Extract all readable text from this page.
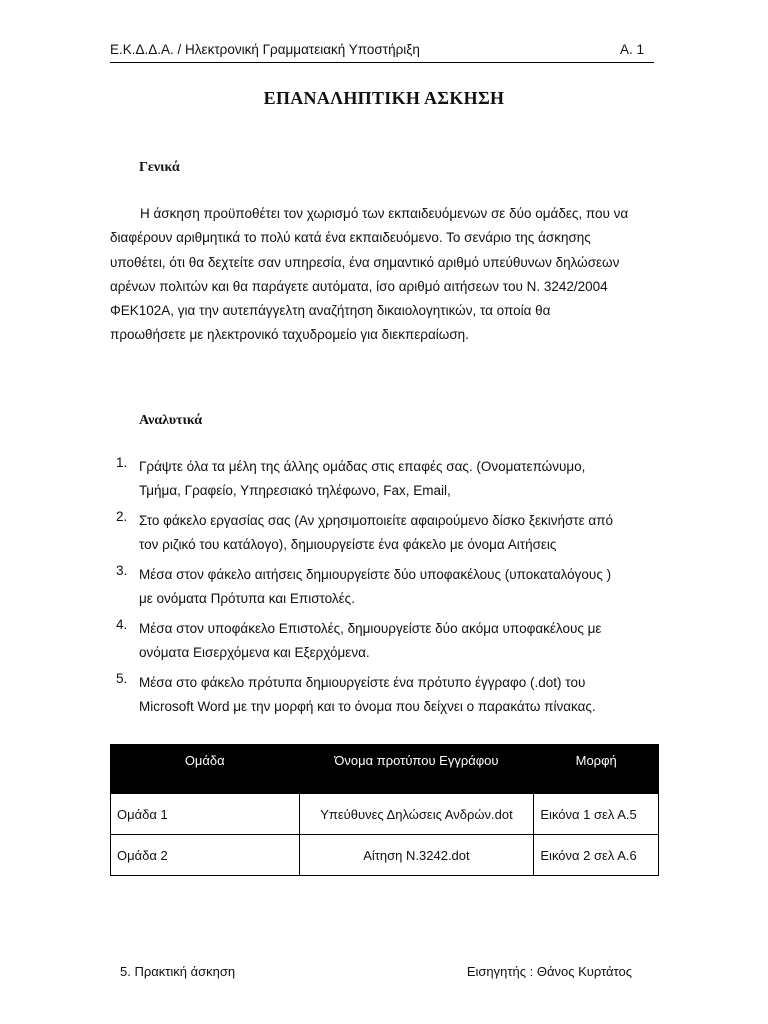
Ε.Κ.Δ.Δ.Α. / Ηλεκτρονική Γραμματειακή Υποστήριξη	Α. 1
ΕΠΑΝΑΛΗΠΤΙΚΗ ΑΣΚΗΣΗ
Γενικά
Η άσκηση προϋποθέτει τον χωρισμό των εκπαιδευόμενων σε δύο ομάδες, που να
διαφέρουν αριθμητικά το πολύ κατά ένα εκπαιδευόμενο. Το σενάριο της άσκησης
υποθέτει, ότι θα δεχτείτε σαν υπηρεσία, ένα σημαντικό αριθμό υπεύθυνων δηλώσεων
αρένων πολιτών και θα παράγετε αυτόματα, ίσο αριθμό αιτήσεων του Ν. 3242/2004
ΦΕΚ102Α, για την αυτεπάγγελτη αναζήτηση δικαιολογητικών, τα οποία θα
προωθήσετε με ηλεκτρονικό ταχυδρομείο για διεκπεραίωση.
Αναλυτικά
1. Γράψτε όλα τα μέλη της άλλης ομάδας στις επαφές σας. (Ονοματεπώνυμο,
Τμήμα, Γραφείο, Υπηρεσιακό τηλέφωνο, Fax, Email,
2. Στο φάκελο εργασίας σας (Αν χρησιμοποιείτε αφαιρούμενο δίσκο ξεκινήστε από
τον ριζικό του κατάλογο), δημιουργείστε ένα φάκελο με όνομα Αιτήσεις
3. Μέσα στον φάκελο αιτήσεις δημιουργείστε δύο υποφακέλους (υποκαταλόγους )
με ονόματα Πρότυπα και Επιστολές.
4. Μέσα στον υποφάκελο Επιστολές, δημιουργείστε δύο ακόμα υποφακέλους με
ονόματα Εισερχόμενα και Εξερχόμενα.
5. Μέσα στο φάκελο πρότυπα δημιουργείστε ένα πρότυπο έγγραφο (.dot) του
Microsoft Word με την μορφή και το όνομα που δείχνει ο παρακάτω πίνακας.
Ομάδα	Όνομα προτύπου Εγγράφου	Μορφή
Ομάδα 1	Υπεύθυνες Δηλώσεις Ανδρών.dot	Εικόνα 1 σελ Α.5
Ομάδα 2	Αίτηση Ν.3242.dot	Εικόνα 2 σελ Α.6
5. Πρακτική άσκηση	Εισηγητής : Θάνος Κυρτάτος
